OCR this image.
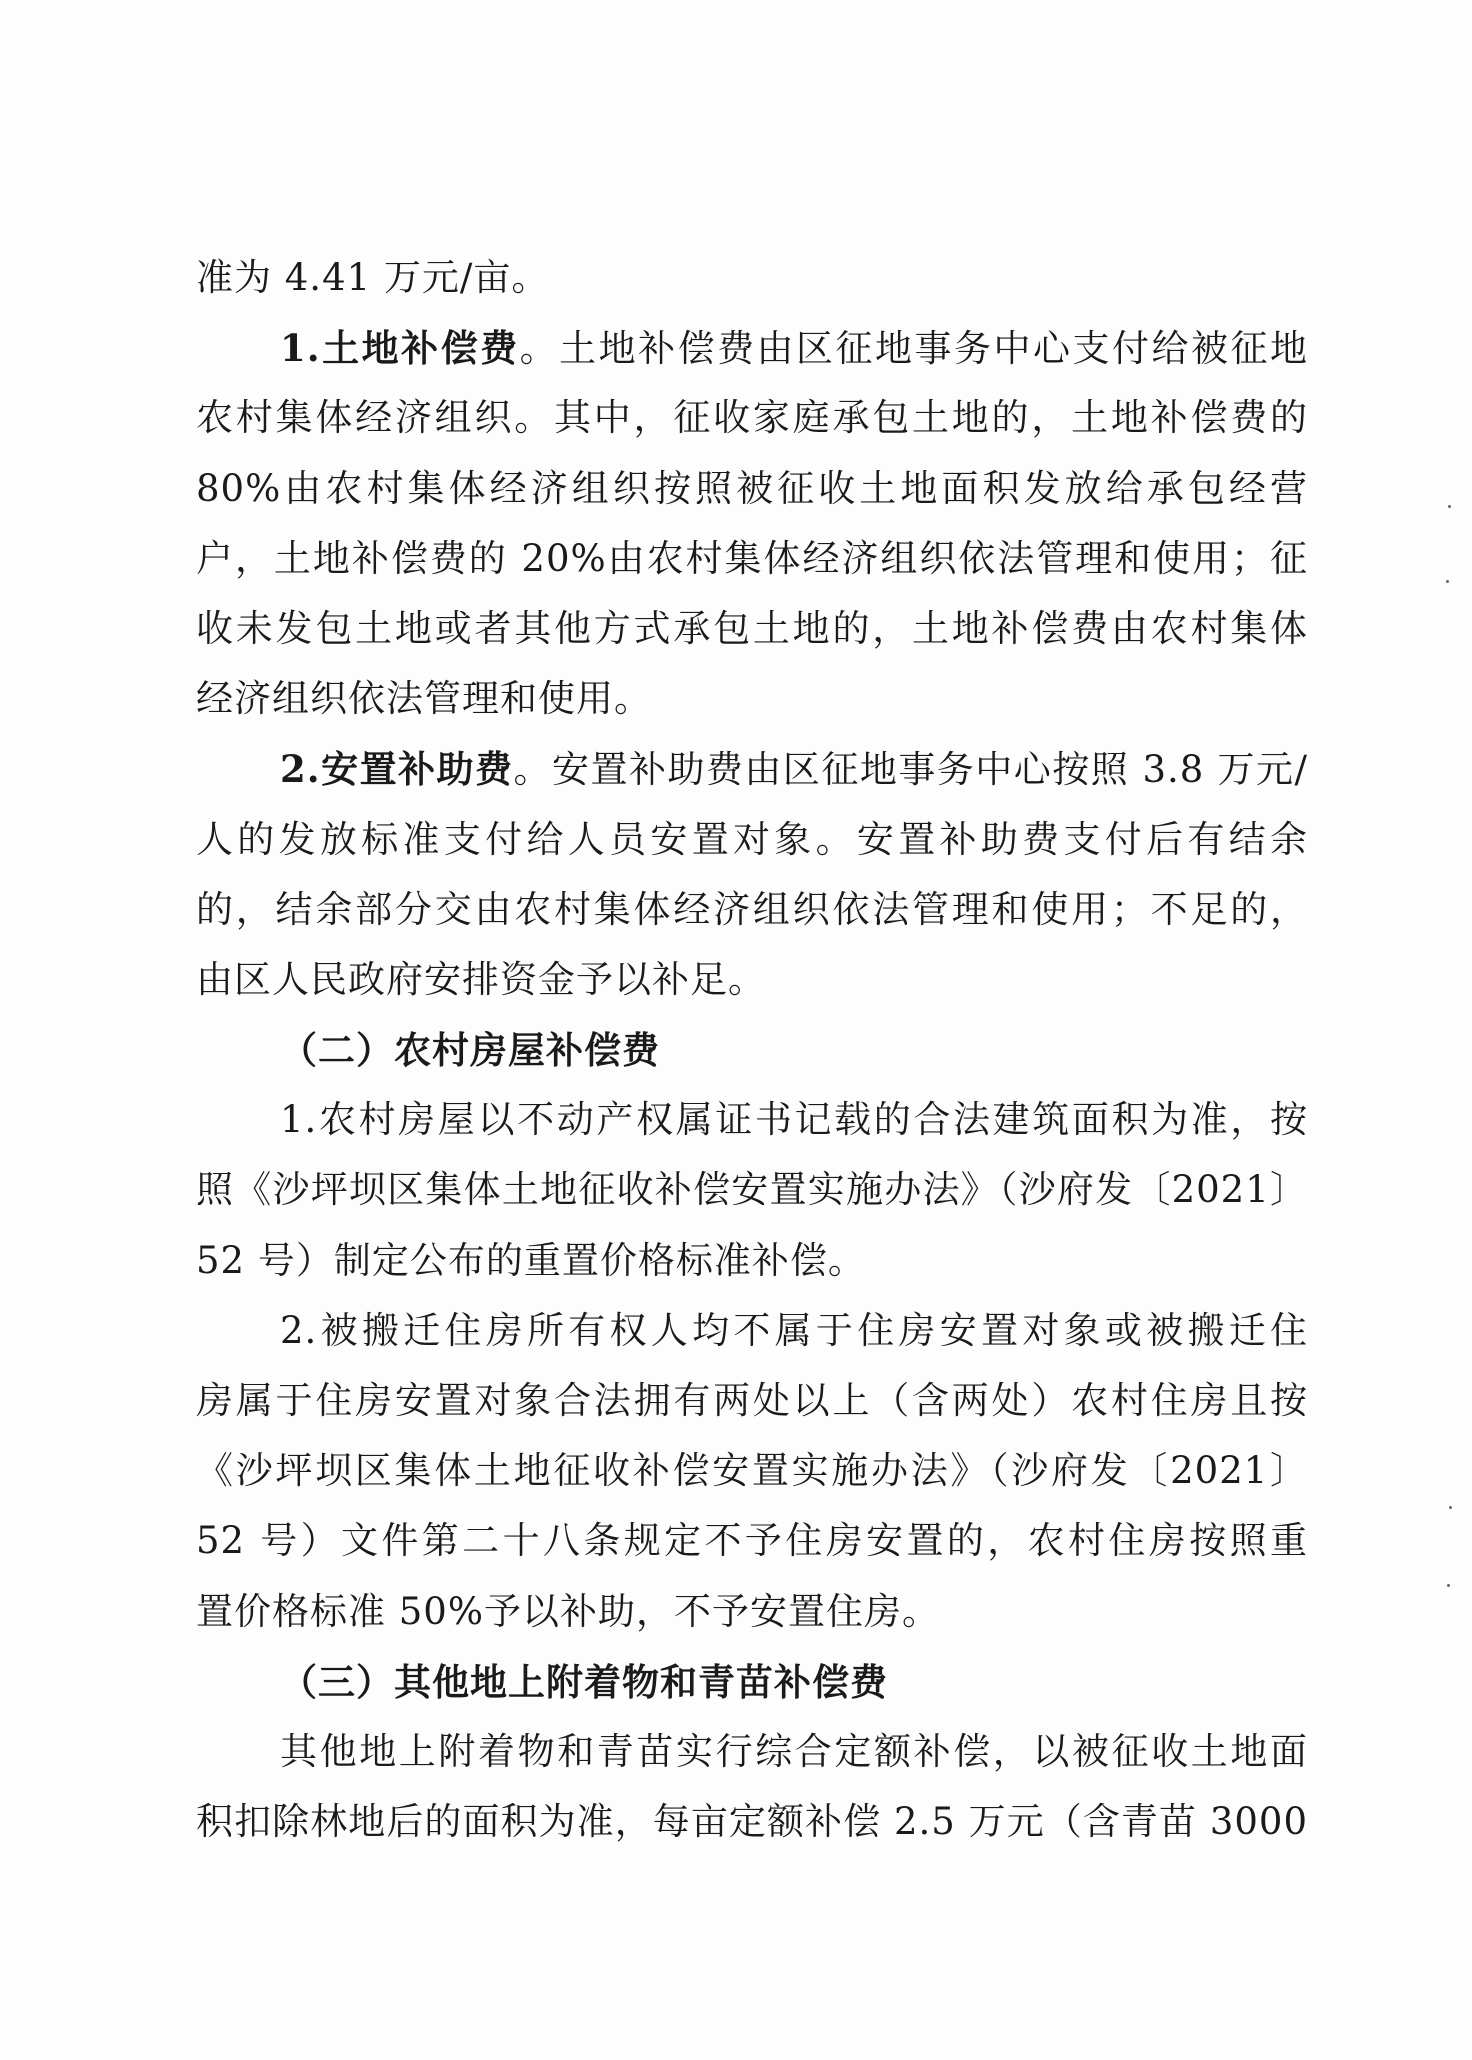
准为 4.41 万元/亩。
1.土地补偿费。土地补偿费由区征地事务中心支付给被征地
农村集体经济组织。其中，征收家庭承包土地的，土地补偿费的
80%由农村集体经济组织按照被征收土地面积发放给承包经营
户，土地补偿费的 20%由农村集体经济组织依法管理和使用；征
收未发包土地或者其他方式承包土地的，土地补偿费由农村集体
经济组织依法管理和使用。
2.安置补助费。安置补助费由区征地事务中心按照 3.8 万元/
人的发放标准支付给人员安置对象。安置补助费支付后有结余
的，结余部分交由农村集体经济组织依法管理和使用；不足的，
由区人民政府安排资金予以补足。
（二）农村房屋补偿费
1.农村房屋以不动产权属证书记载的合法建筑面积为准，按
照《沙坪坝区集体土地征收补偿安置实施办法》（沙府发〔2021〕
52 号）制定公布的重置价格标准补偿。
2.被搬迁住房所有权人均不属于住房安置对象或被搬迁住
房属于住房安置对象合法拥有两处以上（含两处）农村住房且按
《沙坪坝区集体土地征收补偿安置实施办法》（沙府发〔2021〕
52 号）文件第二十八条规定不予住房安置的，农村住房按照重
置价格标准 50%予以补助，不予安置住房。
（三）其他地上附着物和青苗补偿费
其他地上附着物和青苗实行综合定额补偿，以被征收土地面
积扣除林地后的面积为准，每亩定额补偿 2.5 万元（含青苗 3000
